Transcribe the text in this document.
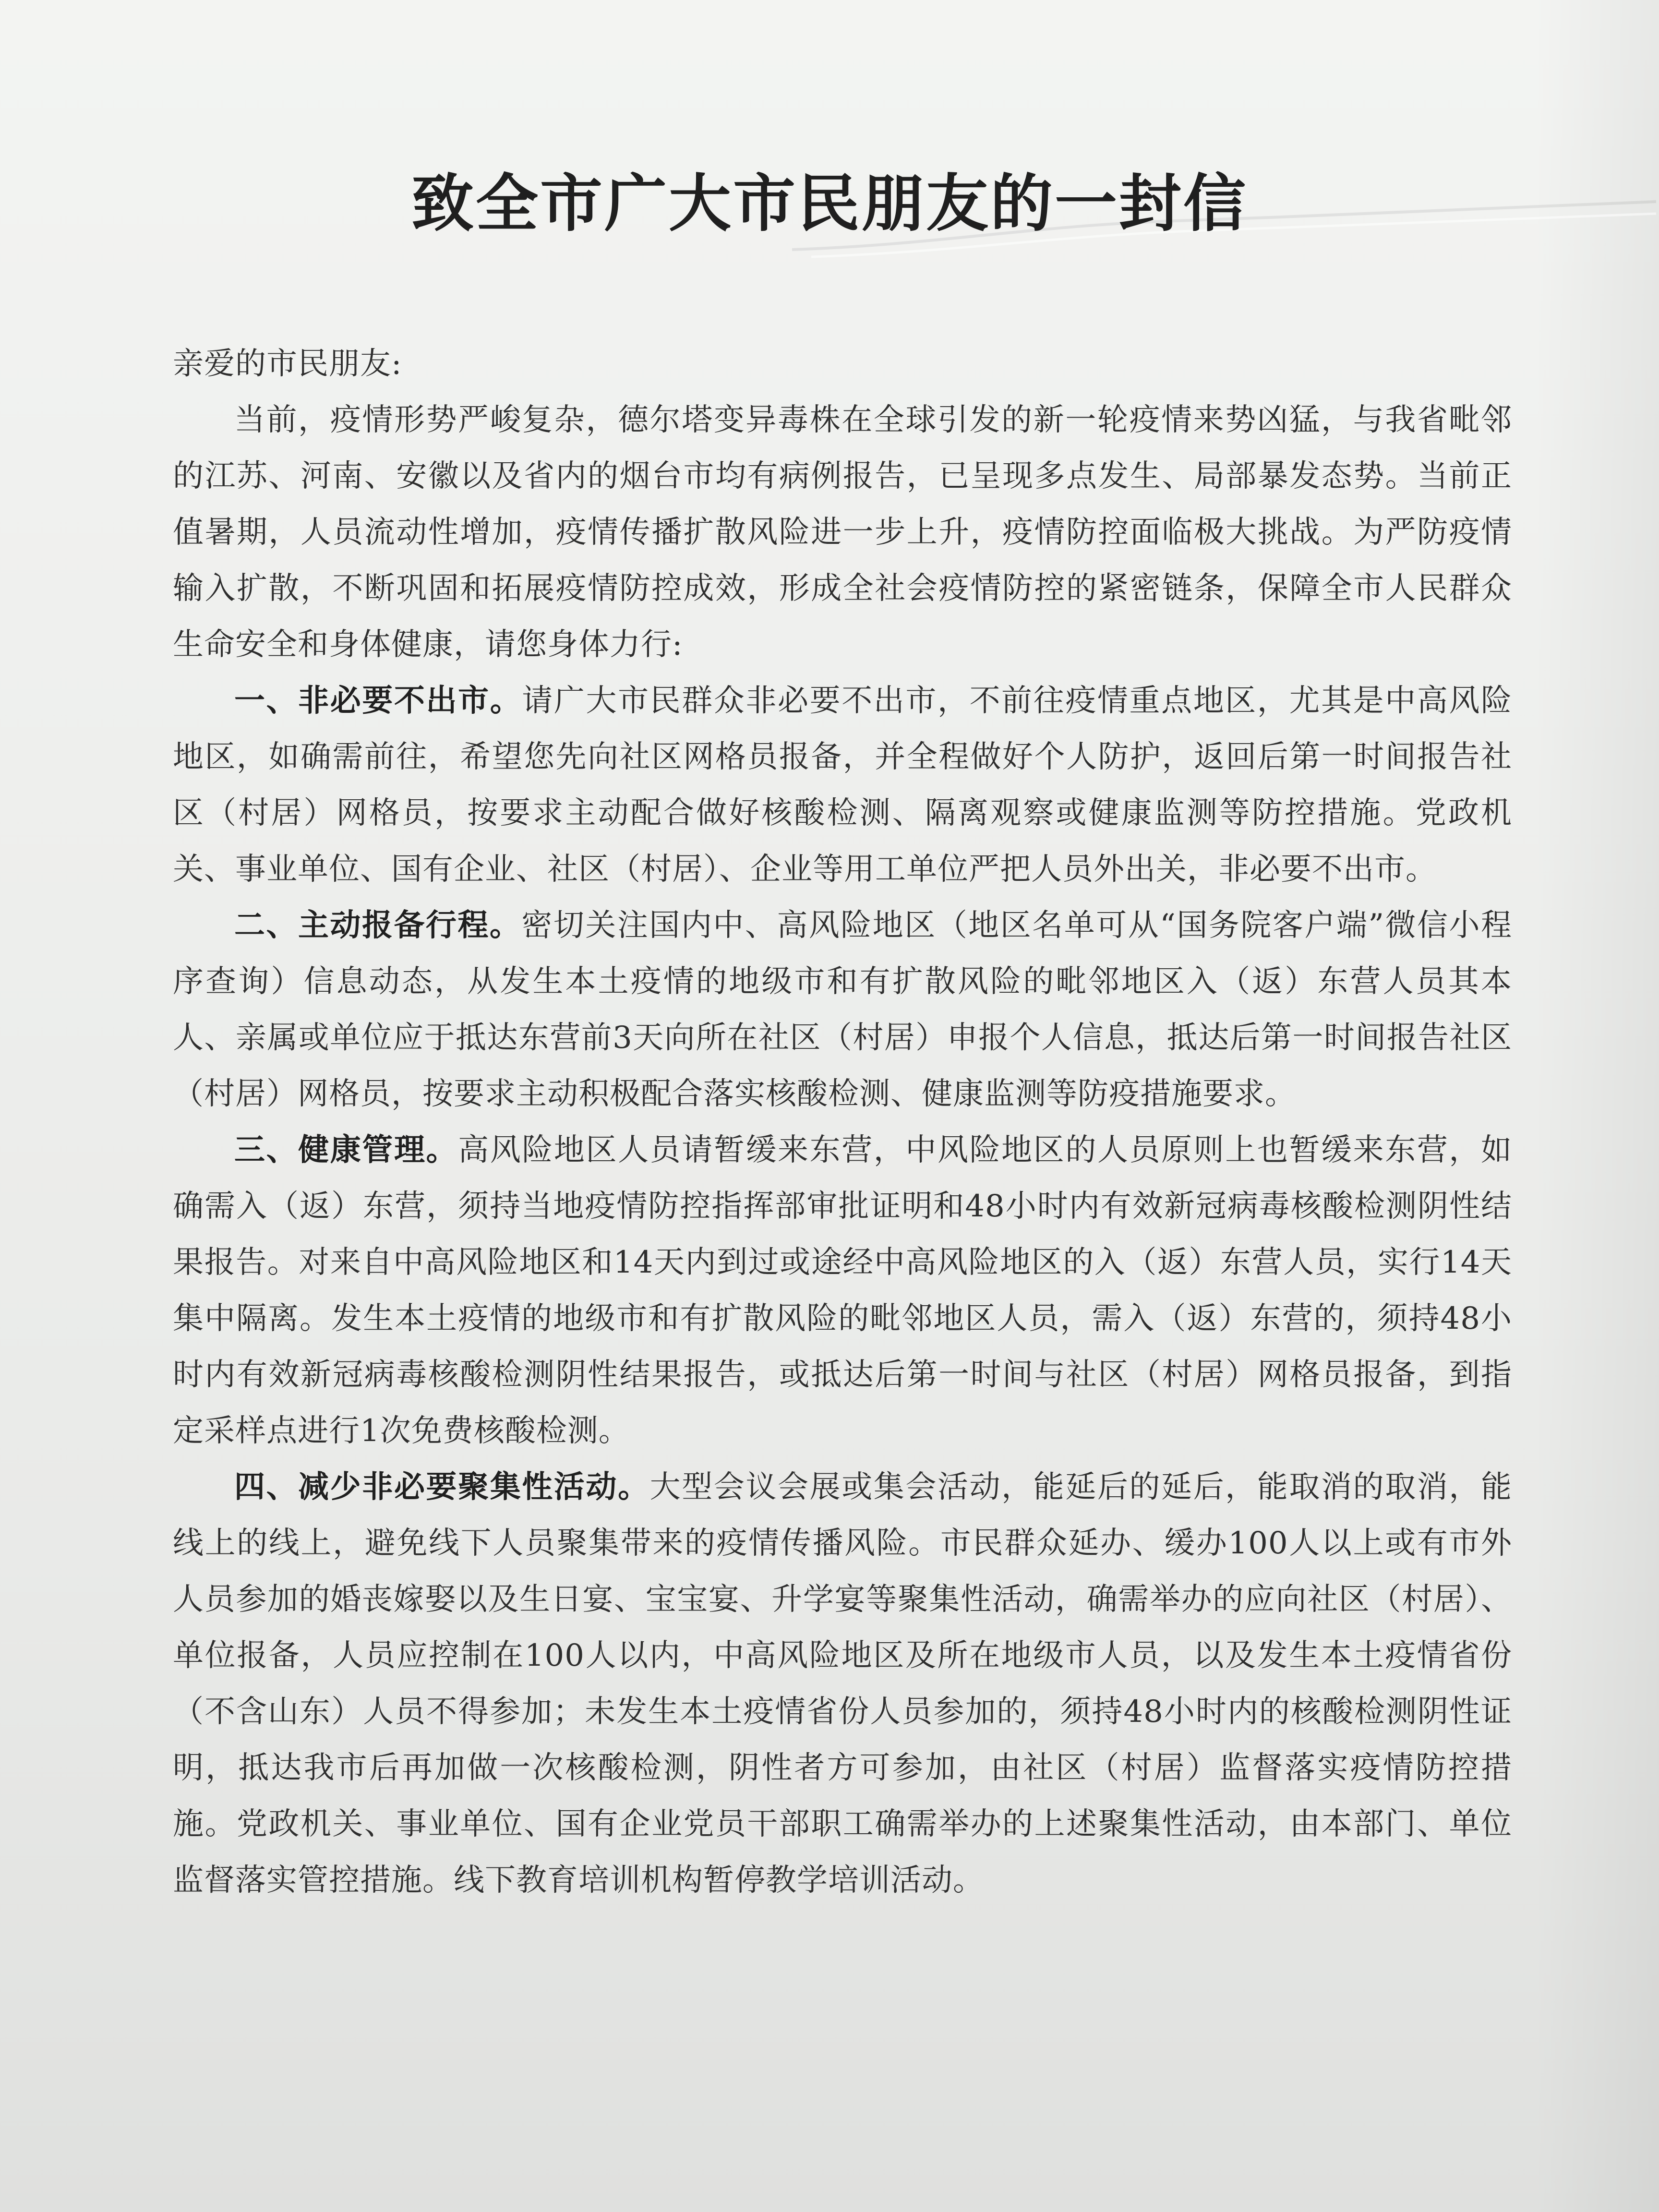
致全市广大市民朋友的一封信

亲爱的市民朋友:

当前，疫情形势严峻复杂，德尔塔变异毒株在全球引发的新一轮疫情来势凶猛，与我省毗邻的江苏、河南、安徽以及省内的烟台市均有病例报告，已呈现多点发生、局部暴发态势。当前正值暑期，人员流动性增加，疫情传播扩散风险进一步上升，疫情防控面临极大挑战。为严防疫情输入扩散，不断巩固和拓展疫情防控成效，形成全社会疫情防控的紧密链条，保障全市人民群众生命安全和身体健康，请您身体力行:

一、非必要不出市。请广大市民群众非必要不出市，不前往疫情重点地区，尤其是中高风险地区，如确需前往，希望您先向社区网格员报备，并全程做好个人防护，返回后第一时间报告社区（村居）网格员，按要求主动配合做好核酸检测、隔离观察或健康监测等防控措施。党政机关、事业单位、国有企业、社区（村居）、企业等用工单位严把人员外出关，非必要不出市。

二、主动报备行程。密切关注国内中、高风险地区（地区名单可从“国务院客户端”微信小程序查询）信息动态，从发生本土疫情的地级市和有扩散风险的毗邻地区入（返）东营人员其本人、亲属或单位应于抵达东营前3天向所在社区（村居）申报个人信息，抵达后第一时间报告社区（村居）网格员，按要求主动积极配合落实核酸检测、健康监测等防疫措施要求。

三、健康管理。高风险地区人员请暂缓来东营，中风险地区的人员原则上也暂缓来东营，如确需入（返）东营，须持当地疫情防控指挥部审批证明和48小时内有效新冠病毒核酸检测阴性结果报告。对来自中高风险地区和14天内到过或途经中高风险地区的入（返）东营人员，实行14天集中隔离。发生本土疫情的地级市和有扩散风险的毗邻地区人员，需入（返）东营的，须持48小时内有效新冠病毒核酸检测阴性结果报告，或抵达后第一时间与社区（村居）网格员报备，到指定采样点进行1次免费核酸检测。

四、减少非必要聚集性活动。大型会议会展或集会活动，能延后的延后，能取消的取消，能线上的线上，避免线下人员聚集带来的疫情传播风险。市民群众延办、缓办100人以上或有市外人员参加的婚丧嫁娶以及生日宴、宝宝宴、升学宴等聚集性活动，确需举办的应向社区（村居）、单位报备，人员应控制在100人以内，中高风险地区及所在地级市人员，以及发生本土疫情省份（不含山东）人员不得参加；未发生本土疫情省份人员参加的，须持48小时内的核酸检测阴性证明，抵达我市后再加做一次核酸检测，阴性者方可参加，由社区（村居）监督落实疫情防控措施。党政机关、事业单位、国有企业党员干部职工确需举办的上述聚集性活动，由本部门、单位监督落实管控措施。线下教育培训机构暂停教学培训活动。
